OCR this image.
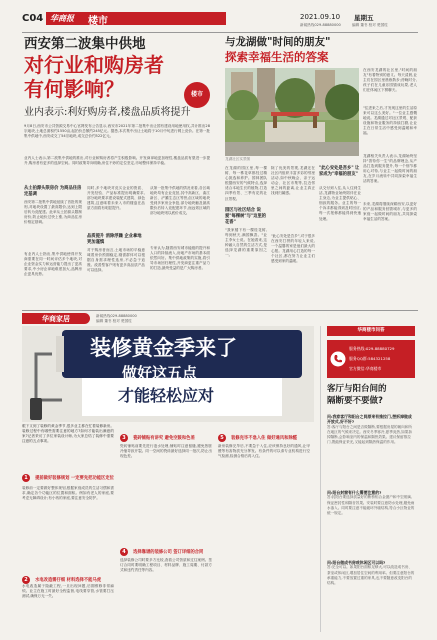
C04 华商报 楼市	2021.09.10 星期五
新闻热线029-88880000	编辑 董书 校对 楚国柱
西安第二波集中供地
对行业和购房者
有何影响？	楼市
业内表示:利好购房者,楼盘品质将提升
9月8日,西安市公共资源交易中心官网发布公告显示,西安市2021年第二批集中出让国有建设用地使用权,共计推出28宗地块,土地总面积约1550亩,起拍价总额约245亿元。据悉,本次集中出让土地将于10月中旬进行网上竞价。在第一批集中供地中,西安成交了54宗地块,成交总价约522亿元。
业内人士表示,第二波集中供地的推出,对行业和购房者将产生积极影响。开发商拿地更加理性,楼盘品质有望进一步提升,购房者有更多的选择空间。同时政策导向明确,房住不炒的定位坚定,市场整体保持平稳。
从土拍源头限房价 为商品住房定基调
西安第二批集中供地延续了首批的规则,对地块设置了最高限价,达到上限后转为竞配建。此举从土拍源头限制房价,防止地价过快上涨,为商品住房价格定基调。
有业内人士指出,集中供地使得开发商需要在同一时间评估多个地块,对企业资金实力和运营能力提出了更高要求,中小房企拿地难度加大,品牌房企更具优势。
同时,多个地块对竞买企业的资质、开发经验、产品标准提出明确要求,部分地块要求建设装配式建筑、绿色建筑,这意味着未来入市的楼盘在品质方面将有明显提升。
品质提升 消除浮躁 企业拿地更加谨慎
对于购房者而言,土地市场的平稳意味着房价预期稳定,刚需群体可以根据自身需求理性选房,不必急于追涨。改善型客户则有更多高品质产品可以选择。
从第一批集中供地的情况来看,各区域地块均有企业竞拍,其中高新区、曲江新区、浐灞生态区等热点区域的地块受到多家房企争抢,部分地块触及最高限价后转入竞配建环节,而远郊区域的部分地块则以底价成交。
专家认为,随着西安城市能级的提升和人口的持续流入,房地产市场的基本面依然向好。集中供地政策的实施,将引导市场回归理性,开发商更注重产品力的打造,最终受益的是广大购房者。
与龙湖做"时间的朋友"
探索幸福生活的答案
龙湖社区实景图
在西安龙湖的社区里,"时间的朋友"有着特别的意义。每天清晨,业主们在园区里晨练散步;傍晚时分,孩子们在儿童乐园嬉戏玩耍,老人们在休闲区下棋聊天。
"住进来之后,才发现这里的生活原来可以这么美好。"一位业主感慨地说。龙湖通过对社区景观、配套设施和物业服务的持续打磨,让业主在日常生活中感受到温暖和幸福。
龙湖相关负责人表示,龙湖始终坚持"善待你一生"的品牌理念,从产品打造到服务提升,每一个细节都用心对待,与业主一起做时间的朋友,在岁月流转中共同探索幸福生活的答案。
在龙湖的园区里,每一棵树、每一株花草都经过精心挑选和养护。园林团队根据西安的气候特点,选择适合本地生长的植物,打造四季有景、三季有花的社区景观。
园区与社区结合 说爱"每棵树"与"这里的花香"
"我家楼下有一棵桂花树,每到秋天,满园飘香。"业主李女士说。在她看来,这种融入自然的生活方式,是选择龙湖的重要原因之一。
除了优美的景观,龙湖还在社区内组织丰富多彩的邻里活动,如中秋晚会、亲子运动会、社区市集等,拉近邻里之间的距离,让业主真正找到归属感。
"此心安处是吾乡",对于很多在西安打拼的年轻人来说,一个温馨的家是他们最大的心愿。龙湖用心打造的每一个社区,都在努力让业主们感受到家的温暖。
"此心安处是吾乡" 让家成为"幸福的朋友"
从交付到入住,从入住到生活,龙湖物业始终陪伴在业主身边,为业主提供贴心、细致的服务。业主的每一个诉求都能得到及时回应,每一次报修都能得到快速处理。
未来,龙湖将继续深耕西安,以更好的产品和服务回馈城市,与更多的家庭一起做时间的朋友,共同探索幸福生活的答案。
华商家居	新闻热线029-88880000
编辑 董书 校对 楚国柱
装修黄金季来了
做好这五点
才能轻松应对
眼下又到了装修的黄金季节,很多业主都在忙着装修新房。装修过程中有哪些需要注意的地方?如何才能装出满意的家?记者采访了多位家装设计师,为大家总结了装修中需要注意的五点事项。
1 提前做好装修规划 一定要先把功能区定位
装修前一定要做好整体规划,根据家庭成员的生活习惯和需求,确定各个功能区的位置和面积。例如有老人的家庭,要考虑无障碍设计;有小孩的家庭,要注意安全防护。
2 水电改造需仔细 材料选择不能马虎
水电改造属于隐蔽工程,一旦出现问题,后期维修非常麻烦。业主在施工时最好全程监督,电线要穿管,水管要打压测试,确保万无一失。
3 瓷砖铺贴有讲究 避免空鼓和色差
瓷砖铺贴前要先进行泡水处理,铺贴时注意留缝,避免热胀冷缩导致开裂。同一空间的瓷砖最好选择同一批次,防止出现色差。
4 选择靠谱的装修公司 签订详细的合同
选择装修公司时要多方比较,查看公司资质和过往案例。签订合同时要明确工程项目、材料品牌、施工周期、付款方式和违约责任等内容。
5 装修完毕不急入住 做好通风和除醛
新房装修完毕后,不要急于入住,应该保持良好的通风,让甲醛等有害物质充分挥发。有条件的可以请专业机构进行空气检测,检测合格后再入住。
华商楼市问答
服务热线:029-88880729
服务QQ群:584321258
官方微信:华商楼市
客厅与阳台间的
隔断要不要做?
问:我家客厅和阳台之间原来有推拉门,想拆掉做成开放式,好不好?
答:客厅与阳台之间是否做隔断,要根据房屋的朝向和所在地区的气候来决定。西安冬季寒冷,夏季炎热,如果拆掉隔断,会影响室内的保温和隔热效果。建议保留推拉门,既能保证采光,又能起到隔热保温的作用。
问:阳台封窗有什么需要注意的?
答:封阳台要选择质量好的断桥铝合金窗户和中空玻璃,保证密封性和隔音效果。安装时要注意防水处理,避免雨水渗入。同时要注意不能破坏外墙结构,符合小区物业的统一规定。
问:阳台做成书房或休闲区可以吗?
答:完全可以。如果阳台面积足够大,可以改造成书房、茶室或休闲区,增加居住空间的利用率。但要注意阳台的承重能力,不要放置过重的家具,也不要随意改变阳台的结构。
